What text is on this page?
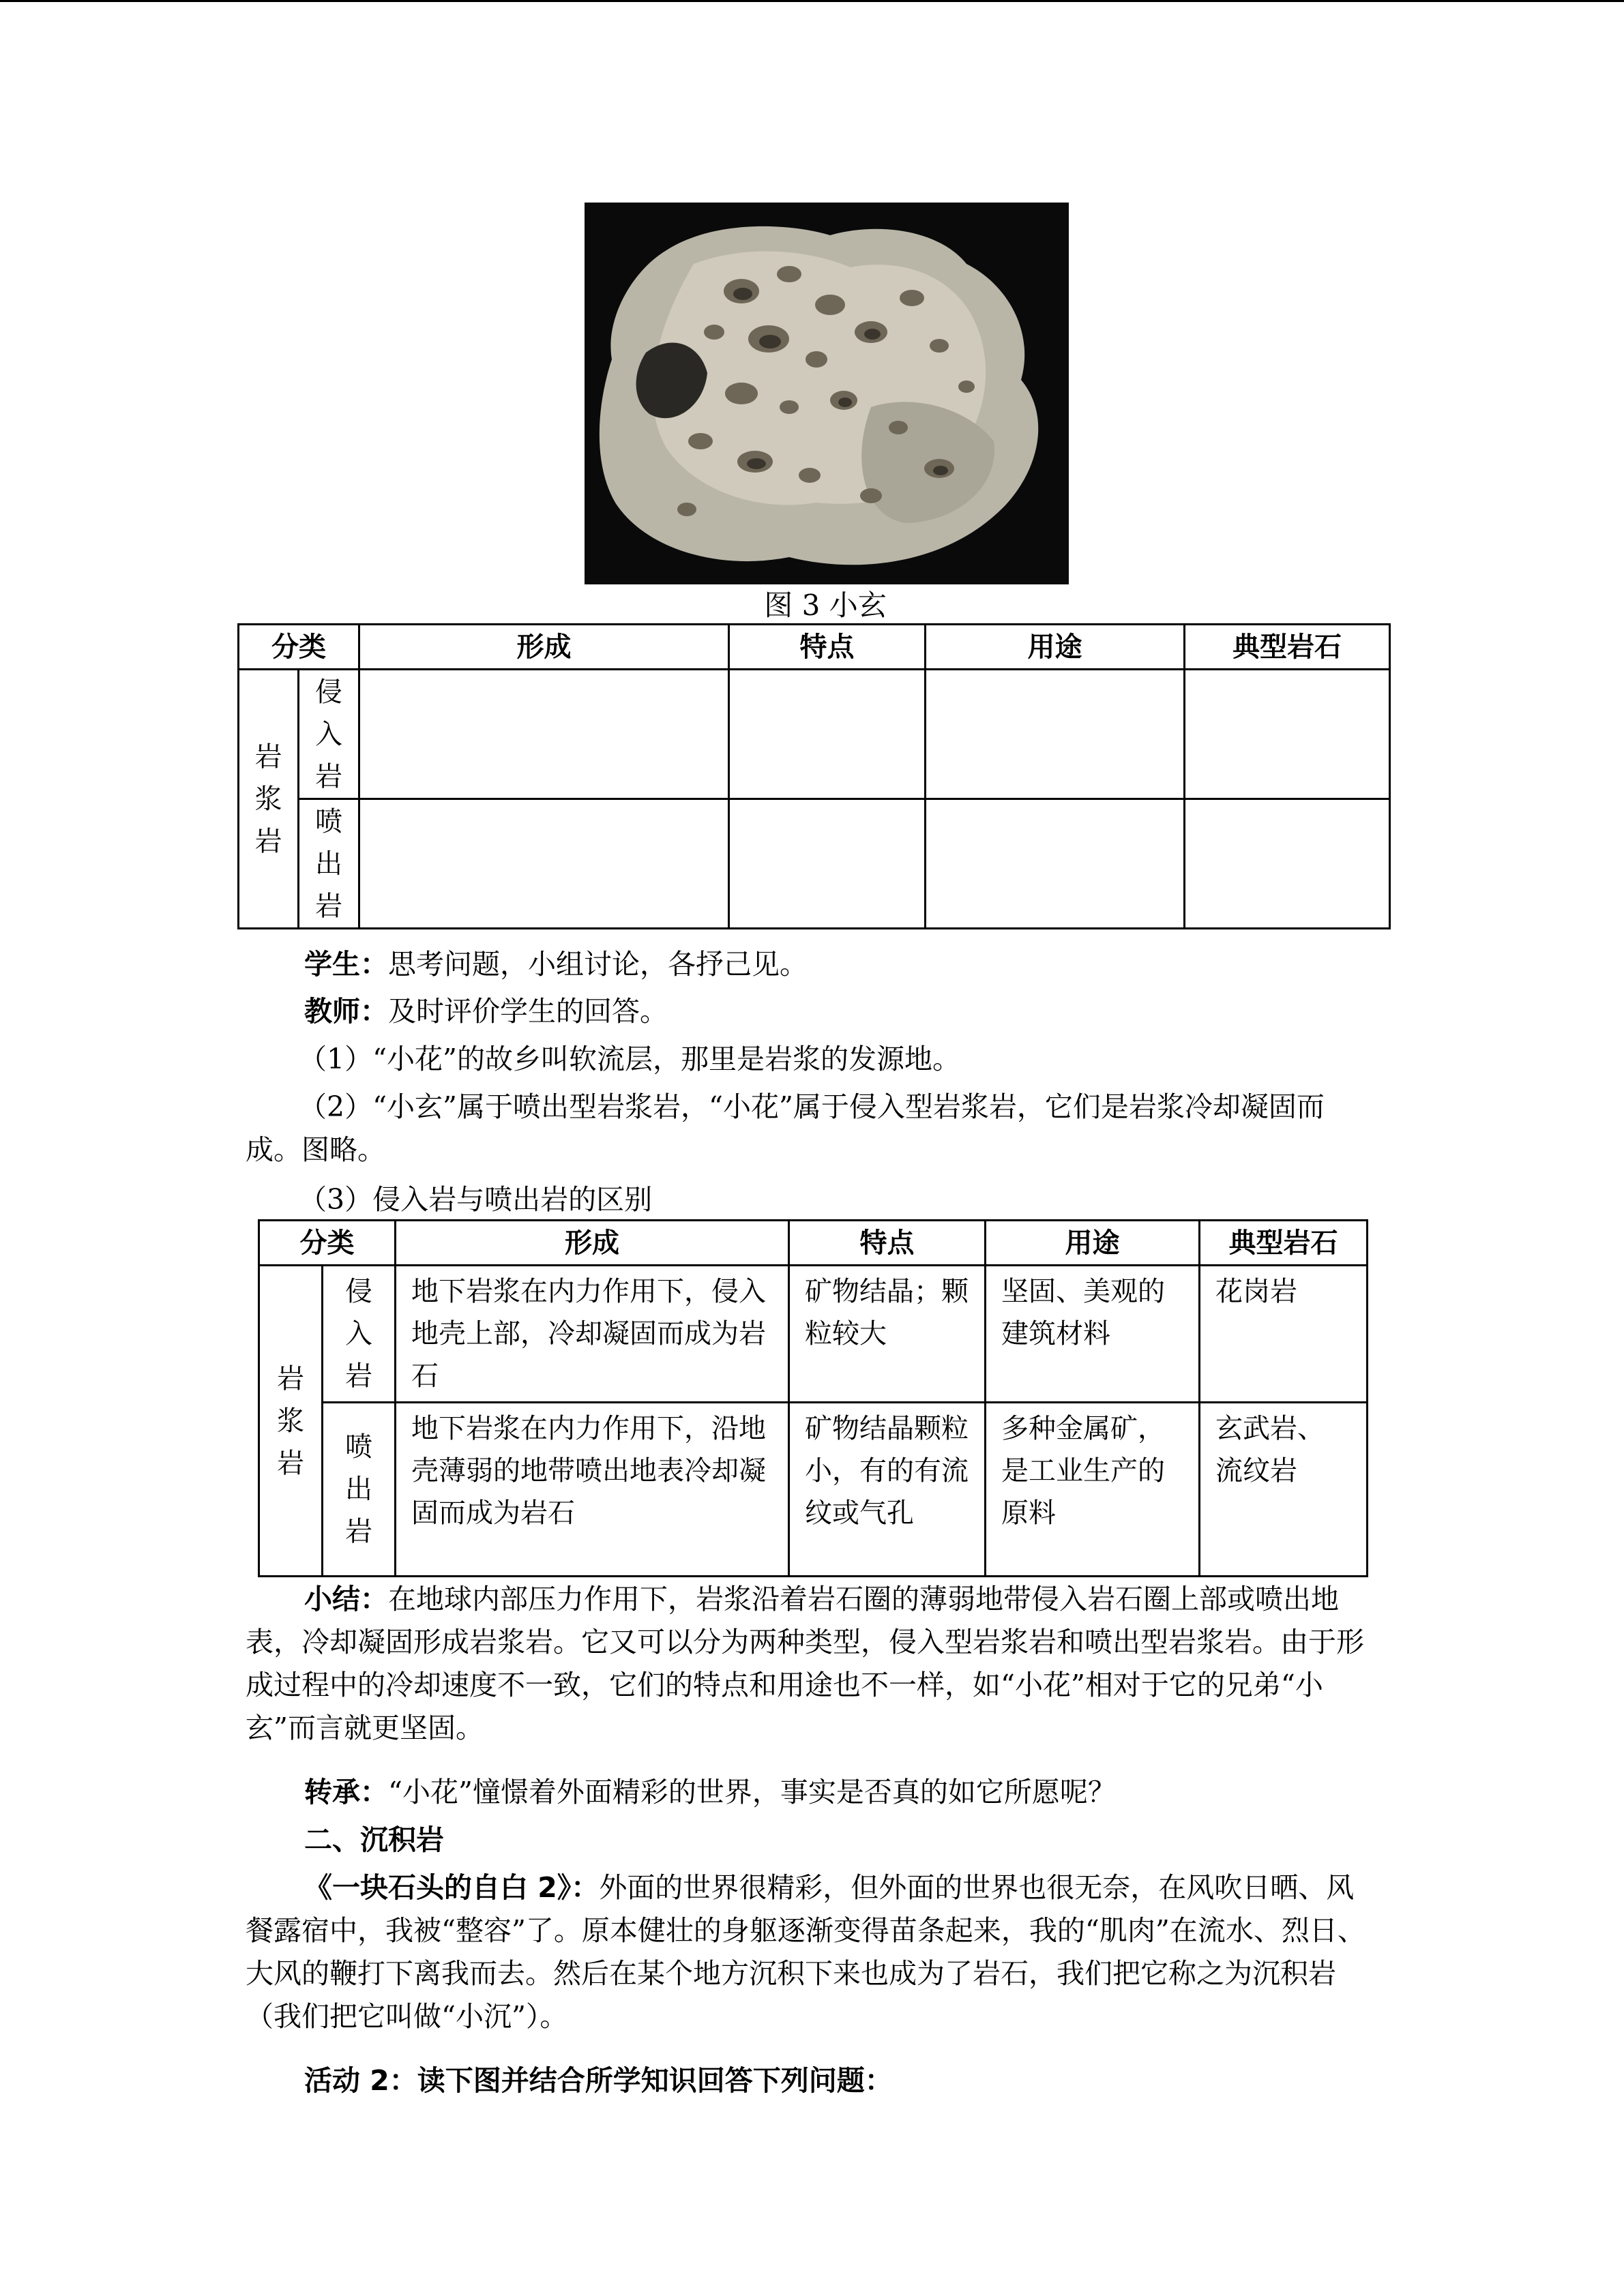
图 3 小玄
分类		形成	特点	用途	典型岩石
岩浆岩	侵入岩				
	喷出岩				
学生：思考问题，小组讨论，各抒己见。
教师：及时评价学生的回答。
（1）“小花”的故乡叫软流层，那里是岩浆的发源地。
（2）“小玄”属于喷出型岩浆岩，“小花”属于侵入型岩浆岩，它们是岩浆冷却凝固而成。图略。
（3）侵入岩与喷出岩的区别
分类		形成	特点	用途	典型岩石
岩浆岩	侵入岩	地下岩浆在内力作用下，侵入地壳上部，冷却凝固而成为岩石	矿物结晶；颗粒较大	坚固、美观的建筑材料	花岗岩
	喷出岩	地下岩浆在内力作用下，沿地壳薄弱的地带喷出地表冷却凝固而成为岩石	矿物结晶颗粒小，有的有流纹或气孔	多种金属矿，是工业生产的原料	玄武岩、流纹岩
小结：在地球内部压力作用下，岩浆沿着岩石圈的薄弱地带侵入岩石圈上部或喷出地表，冷却凝固形成岩浆岩。它又可以分为两种类型，侵入型岩浆岩和喷出型岩浆岩。由于形成过程中的冷却速度不一致，它们的特点和用途也不一样，如“小花”相对于它的兄弟“小玄”而言就更坚固。
转承：“小花”憧憬着外面精彩的世界，事实是否真的如它所愿呢？
二、沉积岩
《一块石头的自白 2》：外面的世界很精彩，但外面的世界也很无奈，在风吹日晒、风餐露宿中，我被“整容”了。原本健壮的身躯逐渐变得苗条起来，我的“肌肉”在流水、烈日、大风的鞭打下离我而去。然后在某个地方沉积下来也成为了岩石，我们把它称之为沉积岩（我们把它叫做“小沉”）。
活动 2：读下图并结合所学知识回答下列问题：
